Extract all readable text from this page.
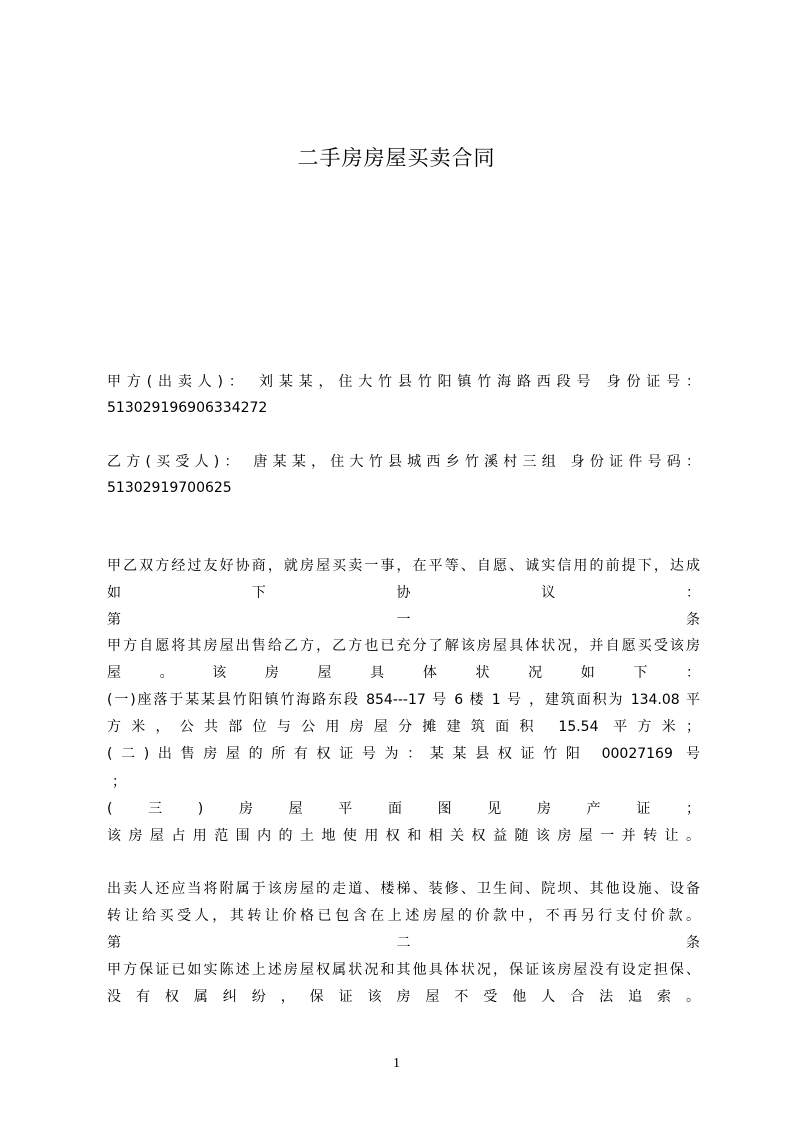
二手房房屋买卖合同
甲方(出卖人)： 刘某某，住大竹县竹阳镇竹海路西段号 身份证号：
513029196906334272
乙方(买受人)： 唐某某，住大竹县城西乡竹溪村三组 身份证件号码：
51302919700625
甲乙双方经过友好协商，就房屋买卖一事，在平等、自愿、诚实信用的前提下，达成
如下协议：
第一条
甲方自愿将其房屋出售给乙方，乙方也已充分了解该房屋具体状况，并自愿买受该房
屋。该房屋具体状况如下：
(一)座落于某某县竹阳镇竹海路东段 854---17 号 6 楼 1 号 ，建筑面积为 134.08 平
方米，公共部位与公用房屋分摊建筑面积 15.54 平方米；
(二)出售房屋的所有权证号为：某某县权证竹阳 00027169 号
；
(三)房屋平面图见房产证；
该房屋占用范围内的土地使用权和相关权益随该房屋一并转让。
出卖人还应当将附属于该房屋的走道、楼梯、装修、卫生间、院坝、其他设施、设备
转让给买受人，其转让价格已包含在上述房屋的价款中，不再另行支付价款。
第二条
甲方保证已如实陈述上述房屋权属状况和其他具体状况，保证该房屋没有设定担保、
没有权属纠纷，保证该房屋不受他人合法追索。
1
